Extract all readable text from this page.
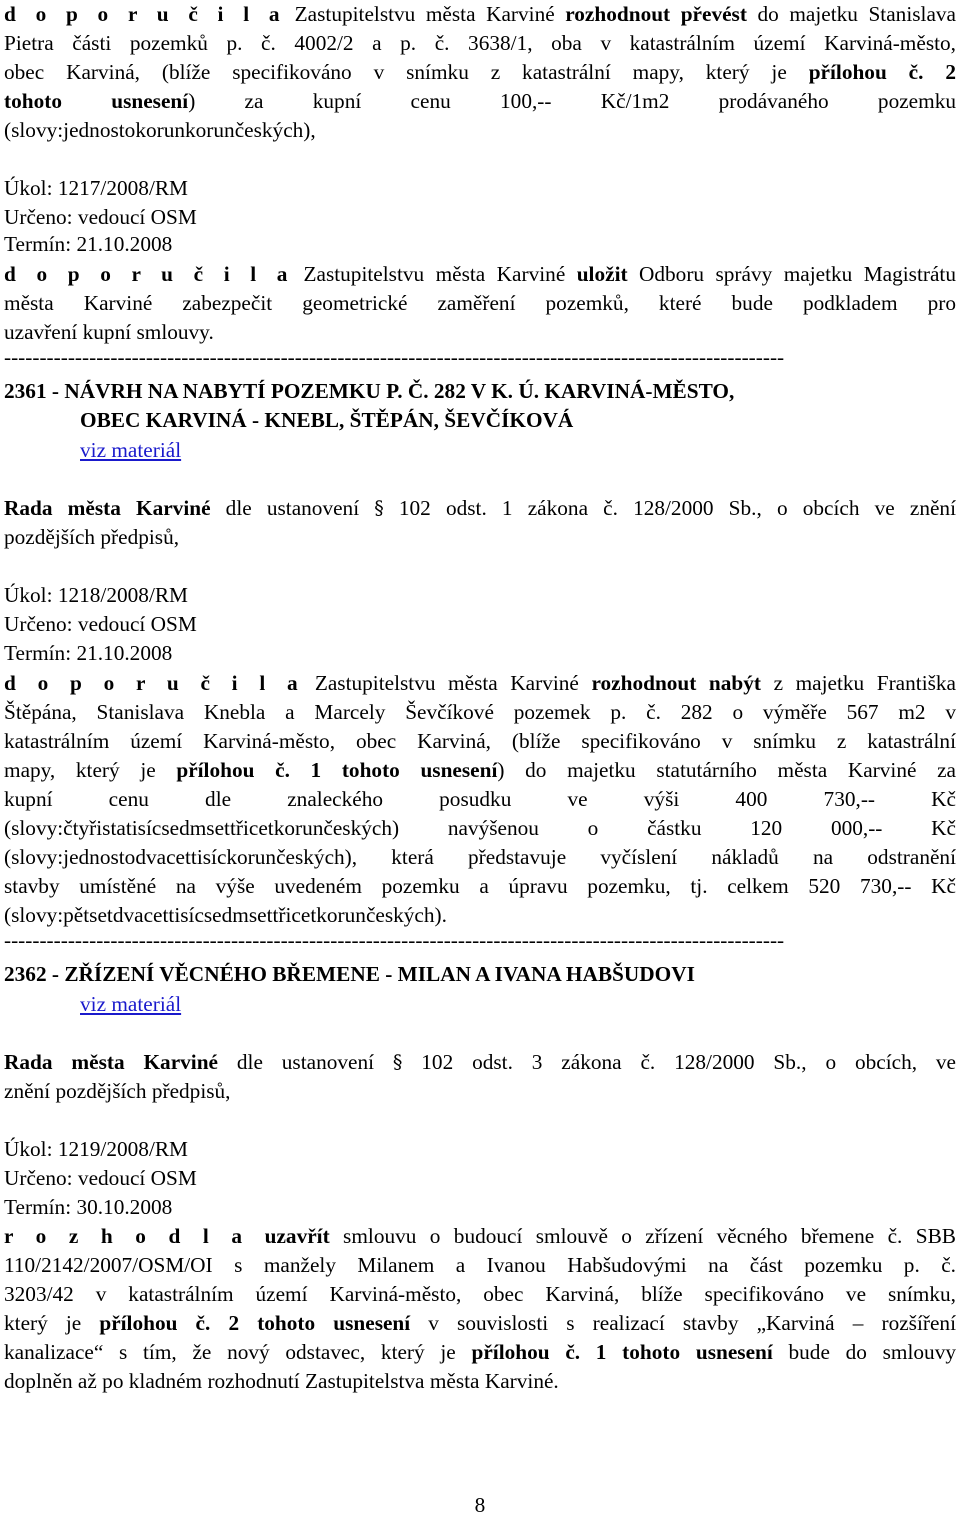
d o p o r u č i l a Zastupitelstvu města Karviné rozhodnout převést do majetku Stanislava
Pietra části pozemků p. č. 4002/2 a p. č. 3638/1, oba v katastrálním území Karviná-město,
obec Karviná, (blíže specifikováno v snímku z katastrální mapy, který je přílohou č. 2
tohoto usnesení) za kupní cenu 100,-- Kč/1m2 prodávaného pozemku
(slovy:jednostokorunkorunčeských),
Úkol: 1217/2008/RM
Určeno: vedoucí OSM
Termín: 21.10.2008
d o p o r u č i l a Zastupitelstvu města Karviné uložit Odboru správy majetku Magistrátu
města Karviné zabezpečit geometrické zaměření pozemků, které bude podkladem pro
uzavření kupní smlouvy.
--------------------------------------------------------------------------------------------------------------
2361 - NÁVRH NA NABYTÍ POZEMKU P. Č. 282 V K. Ú. KARVINÁ-MĚSTO,
OBEC KARVINÁ - KNEBL, ŠTĚPÁN, ŠEVČÍKOVÁ
viz materiál
Rada města Karviné dle ustanovení § 102 odst. 1 zákona č. 128/2000 Sb., o obcích ve znění
pozdějších předpisů,
Úkol: 1218/2008/RM
Určeno: vedoucí OSM
Termín: 21.10.2008
d o p o r u č i l a Zastupitelstvu města Karviné rozhodnout nabýt z majetku Františka
Štěpána, Stanislava Knebla a Marcely Ševčíkové pozemek p. č. 282 o výměře 567 m2 v
katastrálním území Karviná-město, obec Karviná, (blíže specifikováno v snímku z katastrální
mapy, který je přílohou č. 1 tohoto usnesení) do majetku statutárního města Karviné za
kupní cenu dle znaleckého posudku ve výši 400 730,-- Kč
(slovy:čtyřistatisícsedmsettřicetkorunčeských) navýšenou o částku 120 000,-- Kč
(slovy:jednostodvacettisíckorunčeských), která představuje vyčíslení nákladů na odstranění
stavby umístěné na výše uvedeném pozemku a úpravu pozemku, tj. celkem 520 730,-- Kč
(slovy:pětsetdvacettisícsedmsettřicetkorunčeských).
--------------------------------------------------------------------------------------------------------------
2362 - ZŘÍZENÍ VĚCNÉHO BŘEMENE - MILAN A IVANA HABŠUDOVI
viz materiál
Rada města Karviné dle ustanovení § 102 odst. 3 zákona č. 128/2000 Sb., o obcích, ve
znění pozdějších předpisů,
Úkol: 1219/2008/RM
Určeno: vedoucí OSM
Termín: 30.10.2008
r o z h o d l a uzavřít smlouvu o budoucí smlouvě o zřízení věcného břemene č. SBB
110/2142/2007/OSM/OI s manžely Milanem a Ivanou Habšudovými na část pozemku p. č.
3203/42 v katastrálním území Karviná-město, obec Karviná, blíže specifikováno ve snímku,
který je přílohou č. 2 tohoto usnesení v souvislosti s realizací stavby „Karviná – rozšíření
kanalizace“ s tím, že nový odstavec, který je přílohou č. 1 tohoto usnesení bude do smlouvy
doplněn až po kladném rozhodnutí Zastupitelstva města Karviné.
8
